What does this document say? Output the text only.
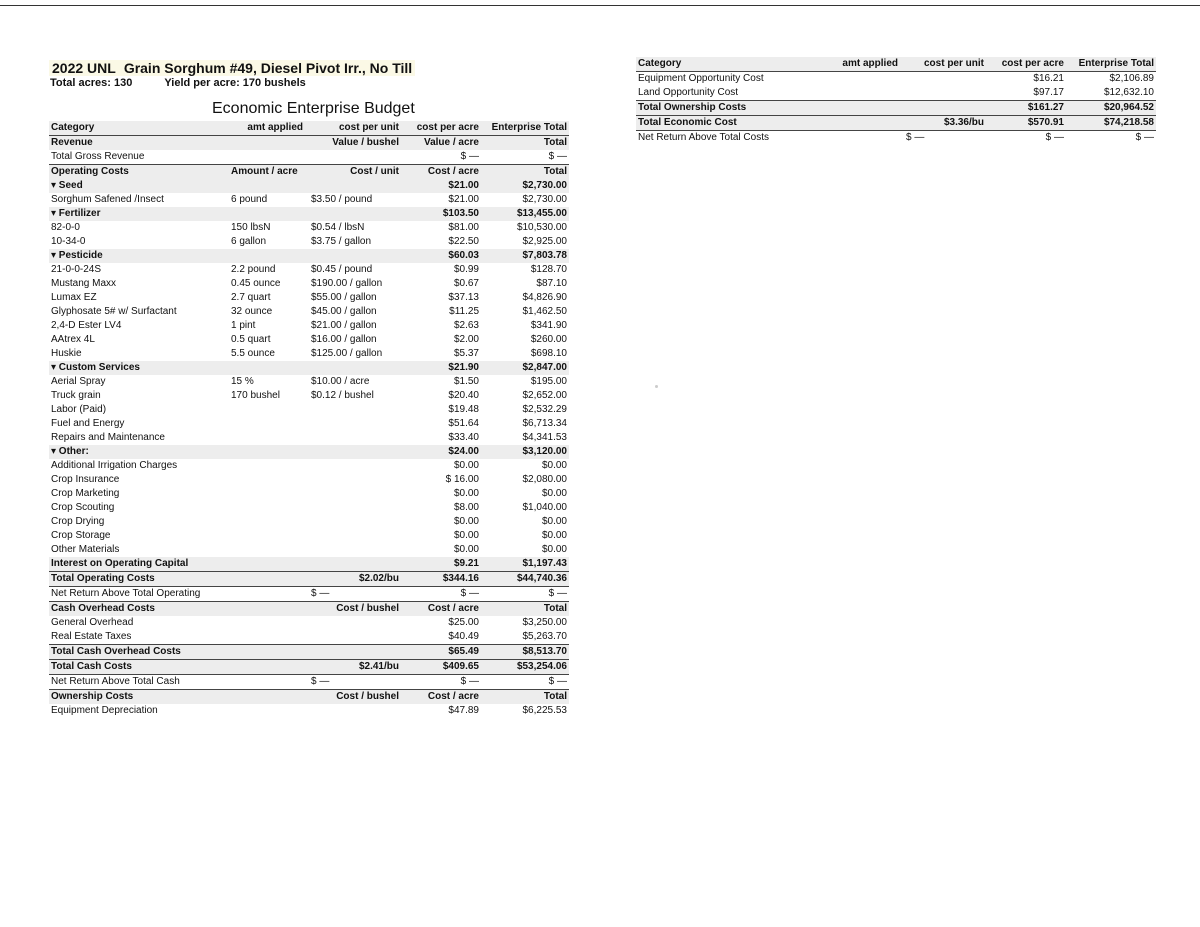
2022 UNL Grain Sorghum #49, Diesel Pivot Irr., No Till
Total acres: 130	Yield per acre: 170 bushels
Economic Enterprise Budget
Category	amt applied	cost per unit	cost per acre	Enterprise Total
Revenue		Value / bushel	Value / acre	Total
Total Gross Revenue			$ —	$ —
Operating Costs	Amount / acre	Cost / unit	Cost / acre	Total
▾ Seed			$21.00	$2,730.00
Sorghum Safened /Insect	6 pound	$3.50 / pound	$21.00	$2,730.00
▾ Fertilizer			$103.50	$13,455.00
82-0-0	150 lbsN	$0.54 / lbsN	$81.00	$10,530.00
10-34-0	6 gallon	$3.75 / gallon	$22.50	$2,925.00
▾ Pesticide			$60.03	$7,803.78
21-0-0-24S	2.2 pound	$0.45 / pound	$0.99	$128.70
Mustang Maxx	0.45 ounce	$190.00 / gallon	$0.67	$87.10
Lumax EZ	2.7 quart	$55.00 / gallon	$37.13	$4,826.90
Glyphosate 5# w/ Surfactant	32 ounce	$45.00 / gallon	$11.25	$1,462.50
2,4-D Ester LV4	1 pint	$21.00 / gallon	$2.63	$341.90
AAtrex 4L	0.5 quart	$16.00 / gallon	$2.00	$260.00
Huskie	5.5 ounce	$125.00 / gallon	$5.37	$698.10
▾ Custom Services			$21.90	$2,847.00
Aerial Spray	15 %	$10.00 / acre	$1.50	$195.00
Truck grain	170 bushel	$0.12 / bushel	$20.40	$2,652.00
Labor (Paid)			$19.48	$2,532.29
Fuel and Energy			$51.64	$6,713.34
Repairs and Maintenance			$33.40	$4,341.53
▾ Other:			$24.00	$3,120.00
Additional Irrigation Charges			$0.00	$0.00
Crop Insurance			$ 16.00	$2,080.00
Crop Marketing			$0.00	$0.00
Crop Scouting			$8.00	$1,040.00
Crop Drying			$0.00	$0.00
Crop Storage			$0.00	$0.00
Other Materials			$0.00	$0.00
Interest on Operating Capital			$9.21	$1,197.43
Total Operating Costs		$2.02/bu	$344.16	$44,740.36
Net Return Above Total Operating		$ —	$ —	$ —
Cash Overhead Costs		Cost / bushel	Cost / acre	Total
General Overhead			$25.00	$3,250.00
Real Estate Taxes			$40.49	$5,263.70
Total Cash Overhead Costs			$65.49	$8,513.70
Total Cash Costs		$2.41/bu	$409.65	$53,254.06
Net Return Above Total Cash		$ —	$ —	$ —
Ownership Costs		Cost / bushel	Cost / acre	Total
Equipment Depreciation			$47.89	$6,225.53
Category	amt applied	cost per unit	cost per acre	Enterprise Total
Equipment Opportunity Cost			$16.21	$2,106.89
Land Opportunity Cost			$97.17	$12,632.10
Total Ownership Costs			$161.27	$20,964.52
Total Economic Cost		$3.36/bu	$570.91	$74,218.58
Net Return Above Total Costs		$ —	$ —	$ —
